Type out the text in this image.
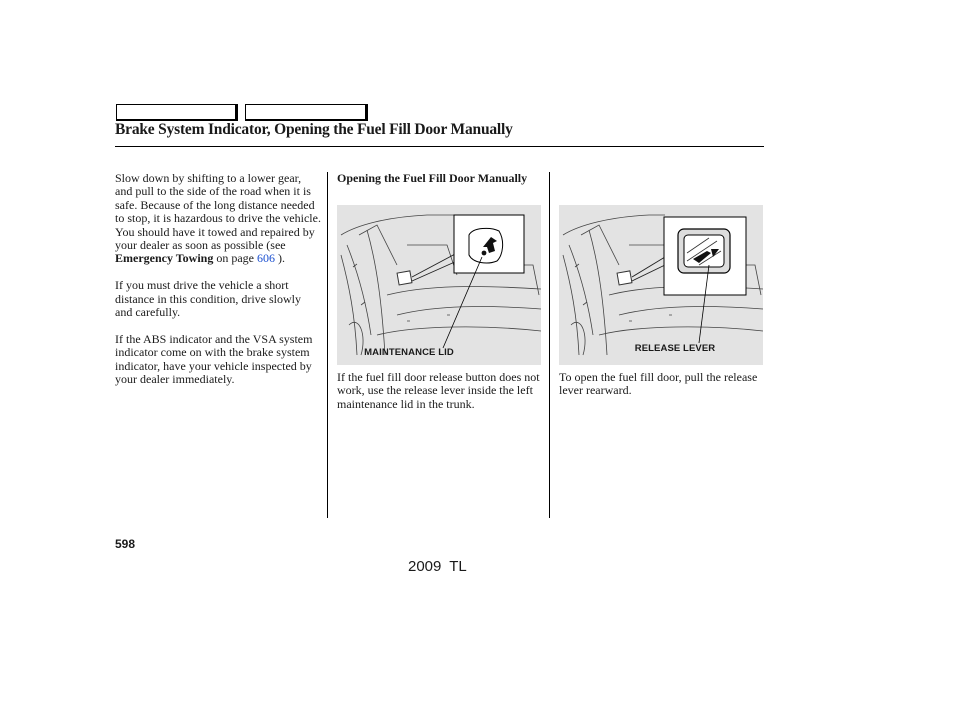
Brake System Indicator, Opening the Fuel Fill Door Manually

Slow down by shifting to a lower gear, and pull to the side of the road when it is safe. Because of the long distance needed to stop, it is hazardous to drive the vehicle. You should have it towed and repaired by your dealer as soon as possible (see
Emergency Towing on page 606 ).

If you must drive the vehicle a short distance in this condition, drive slowly and carefully.

If the ABS indicator and the VSA system indicator come on with the brake system indicator, have your vehicle inspected by your dealer immediately.

Opening the Fuel Fill Door Manually
MAINTENANCE LID
If the fuel fill door release button does not work, use the release lever inside the left maintenance lid in the trunk.
RELEASE LEVER
To open the fuel fill door, pull the release lever rearward.
598
2009 TL
